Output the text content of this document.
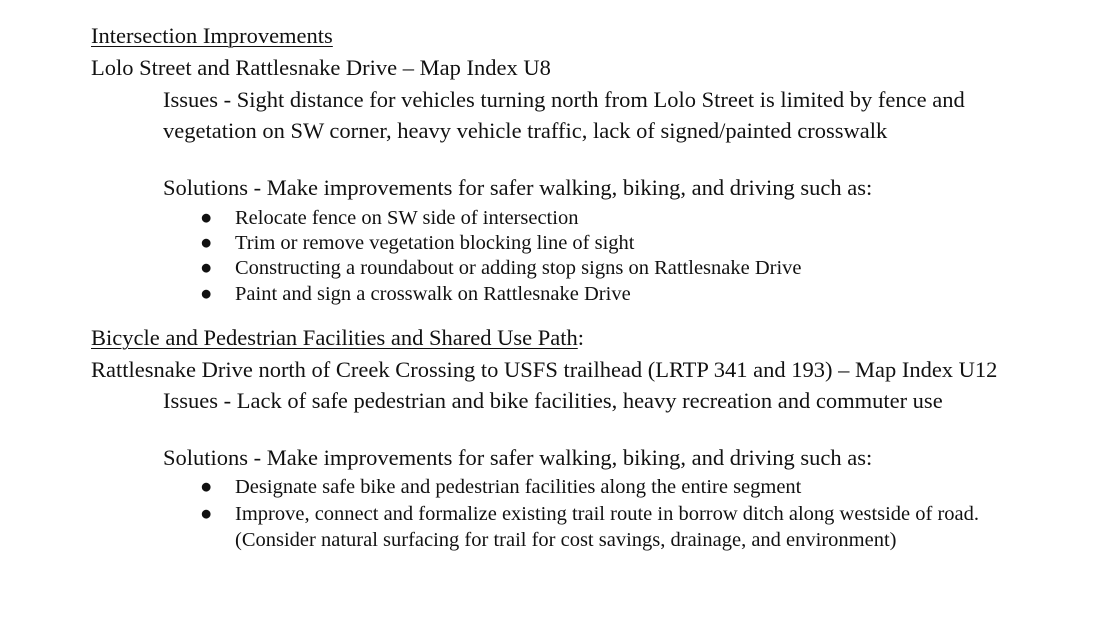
Intersection Improvements
Lolo Street and Rattlesnake Drive – Map Index U8
Issues - Sight distance for vehicles turning north from Lolo Street is limited by fence and
vegetation on SW corner, heavy vehicle traffic, lack of signed/painted crosswalk
Solutions - Make improvements for safer walking, biking, and driving such as:
● Relocate fence on SW side of intersection
● Trim or remove vegetation blocking line of sight
● Constructing a roundabout or adding stop signs on Rattlesnake Drive
● Paint and sign a crosswalk on Rattlesnake Drive
Bicycle and Pedestrian Facilities and Shared Use Path:
Rattlesnake Drive north of Creek Crossing to USFS trailhead (LRTP 341 and 193) – Map Index U12
Issues - Lack of safe pedestrian and bike facilities, heavy recreation and commuter use
Solutions - Make improvements for safer walking, biking, and driving such as:
● Designate safe bike and pedestrian facilities along the entire segment
● Improve, connect and formalize existing trail route in borrow ditch along westside of road.
(Consider natural surfacing for trail for cost savings, drainage, and environment)
